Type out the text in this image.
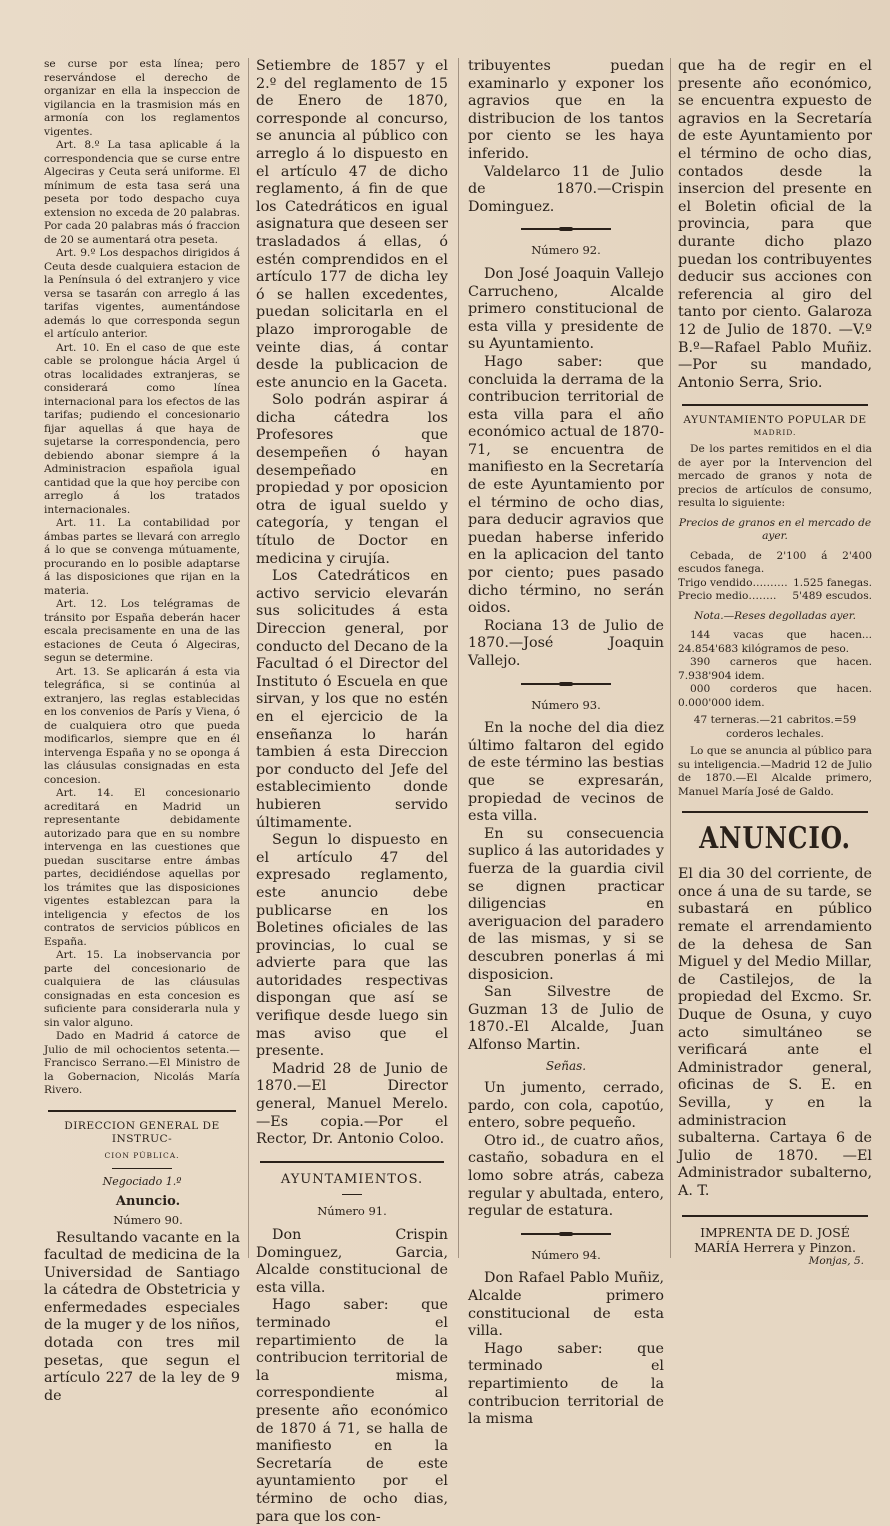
se curse por esta línea; pero reservándose el derecho de organizar en ella la inspeccion de vigilancia en la trasmision más en armonía con los reglamentos vigentes.

Art. 8.º La tasa aplicable á la correspondencia que se curse entre Algeciras y Ceuta será uniforme. El mínimum de esta tasa será una peseta por todo despacho cuya extension no exceda de 20 palabras. Por cada 20 palabras más ó fraccion de 20 se aumentará otra peseta.

Art. 9.º Los despachos dirigidos á Ceuta desde cualquiera estacion de la Península ó del extranjero y vice versa se tasarán con arreglo á las tarifas vigentes, aumentándose además lo que corresponda segun el artículo anterior.

Art. 10. En el caso de que este cable se prolongue hácia Argel ú otras localidades extranjeras, se considerará como línea internacional para los efectos de las tarifas; pudiendo el concesionario fijar aquellas á que haya de sujetarse la correspondencia, pero debiendo abonar siempre á la Administracion española igual cantidad que la que hoy percibe con arreglo á los tratados internacionales.

Art. 11. La contabilidad por ámbas partes se llevará con arreglo á lo que se convenga mútuamente, procurando en lo posible adaptarse á las disposiciones que rijan en la materia.

Art. 12. Los telégramas de tránsito por España deberán hacer escala precisamente en una de las estaciones de Ceuta ó Algeciras, segun se determine.

Art. 13. Se aplicarán á esta via telegráfica, si se continúa al extranjero, las reglas establecidas en los convenios de París y Viena, ó de cualquiera otro que pueda modificarlos, siempre que en él intervenga España y no se oponga á las cláusulas consignadas en esta concesion.

Art. 14. El concesionario acreditará en Madrid un representante debidamente autorizado para que en su nombre intervenga en las cuestiones que puedan suscitarse entre ámbas partes, decidiéndose aquellas por los trámites que las disposiciones vigentes establezcan para la inteligencia y efectos de los contratos de servicios públicos en España.

Art. 15. La inobservancia por parte del concesionario de cualquiera de las cláusulas consignadas en esta concesion es suficiente para considerarla nula y sin valor alguno.

Dado en Madrid á catorce de Julio de mil ochocientos setenta.—Francisco Serrano.—El Ministro de la Gobernacion, Nicolás María Rivero.

DIRECCION GENERAL DE INSTRUC-
CION PÚBLICA.

Negociado 1.º

Anuncio.

Número 90.

Resultando vacante en la facultad de medicina de la Universidad de Santiago la cátedra de Obstetricia y enfermedades especiales de la muger y de los niños, dotada con tres mil pesetas, que segun el artículo 227 de la ley de 9 de

Setiembre de 1857 y el 2.º del reglamento de 15 de Enero de 1870, corresponde al concurso, se anuncia al público con arreglo á lo dispuesto en el artículo 47 de dicho reglamento, á fin de que los Catedráticos en igual asignatura que deseen ser trasladados á ellas, ó estén comprendidos en el artículo 177 de dicha ley ó se hallen excedentes, puedan solicitarla en el plazo improrogable de veinte dias, á contar desde la publicacion de este anuncio en la Gaceta.

Solo podrán aspirar á dicha cátedra los Profesores que desempeñen ó hayan desempeñado en propiedad y por oposicion otra de igual sueldo y categoría, y tengan el título de Doctor en medicina y cirujía.

Los Catedráticos en activo servicio elevarán sus solicitudes á esta Direccion general, por conducto del Decano de la Facultad ó el Director del Instituto ó Escuela en que sirvan, y los que no estén en el ejercicio de la enseñanza lo harán tambien á esta Direccion por conducto del Jefe del establecimiento donde hubieren servido últimamente.

Segun lo dispuesto en el artículo 47 del expresado reglamento, este anuncio debe publicarse en los Boletines oficiales de las provincias, lo cual se advierte para que las autoridades respectivas dispongan que así se verifique desde luego sin mas aviso que el presente.

Madrid 28 de Junio de 1870.—El Director general, Manuel Merelo.—Es copia.—Por el Rector, Dr. Antonio Coloo.

AYUNTAMIENTOS.
Número 91.

Don Crispin Dominguez, Garcia, Alcalde constitucional de esta villa.

Hago saber: que terminado el repartimiento de la contribucion territorial de la misma, correspondiente al presente año económico de 1870 á 71, se halla de manifiesto en la Secretaría de este ayuntamiento por el término de ocho dias, para que los con-

tribuyentes puedan examinarlo y exponer los agravios que en la distribucion de los tantos por ciento se les haya inferido.

Valdelarco 11 de Julio de 1870.—Crispin Dominguez.

Número 92.

Don José Joaquin Vallejo Carrucheno, Alcalde primero constitucional de esta villa y presidente de su Ayuntamiento.

Hago saber: que concluida la derrama de la contribucion territorial de esta villa para el año económico actual de 1870-71, se encuentra de manifiesto en la Secretaría de este Ayuntamiento por el término de ocho dias, para deducir agravios que puedan haberse inferido en la aplicacion del tanto por ciento; pues pasado dicho término, no serán oidos.

Rociana 13 de Julio de 1870.—José Joaquin Vallejo.

Número 93.

En la noche del dia diez último faltaron del egido de este término las bestias que se expresarán, propiedad de vecinos de esta villa.

En su consecuencia suplico á las autoridades y fuerza de la guardia civil se dignen practicar diligencias en averiguacion del paradero de las mismas, y si se descubren ponerlas á mi disposicion.

San Silvestre de Guzman 13 de Julio de 1870.-El Alcalde, Juan Alfonso Martin.

Señas.

Un jumento, cerrado, pardo, con cola, capotúo, entero, sobre pequeño.

Otro id., de cuatro años, castaño, sobadura en el lomo sobre atrás, cabeza regular y abultada, entero, regular de estatura.

Número 94.

Don Rafael Pablo Muñiz, Alcalde primero constitucional de esta villa.

Hago saber: que terminado el repartimiento de la contribucion territorial de la misma

que ha de regir en el presente año económico, se encuentra expuesto de agravios en la Secretaría de este Ayuntamiento por el término de ocho dias, contados desde la insercion del presente en el Boletin oficial de la provincia, para que durante dicho plazo puedan los contribuyentes deducir sus acciones con referencia al giro del tanto por ciento. Galaroza 12 de Julio de 1870. —V.º B.º—Rafael Pablo Muñiz.—Por su mandado, Antonio Serra, Srio.

AYUNTAMIENTO POPULAR DE
MADRID.

De los partes remitidos en el dia de ayer por la Intervencion del mercado de granos y nota de precios de artículos de consumo, resulta lo siguiente:

Precios de granos en el mercado de ayer.

Cebada, de 2'100 á 2'400 escudos fanega.

Trigo vendido………. 1.525 fanegas.
Precio medio…….. 5'489 escudos.

Nota.—Reses degolladas ayer.

144 vacas que hacen... 24.854'683 kilógramos de peso.

390 carneros que hacen. 7.938'904 idem.

000 corderos que hacen. 0.000'000 idem.

47 terneras.—21 cabritos.=59 corderos lechales.

Lo que se anuncia al público para su inteligencia.—Madrid 12 de Julio de 1870.—El Alcalde primero, Manuel María José de Galdo.

ANUNCIO.

El dia 30 del corriente, de once á una de su tarde, se subastará en público remate el arrendamiento de la dehesa de San Miguel y del Medio Millar, de Castilejos, de la propiedad del Excmo. Sr. Duque de Osuna, y cuyo acto simultáneo se verificará ante el Administrador general, oficinas de S. E. en Sevilla, y en la administracion subalterna. Cartaya 6 de Julio de 1870. —El Administrador subalterno, A. T.

IMPRENTA DE D. JOSÉ MARÍA Herrera y Pinzon.
Monjas, 5.
